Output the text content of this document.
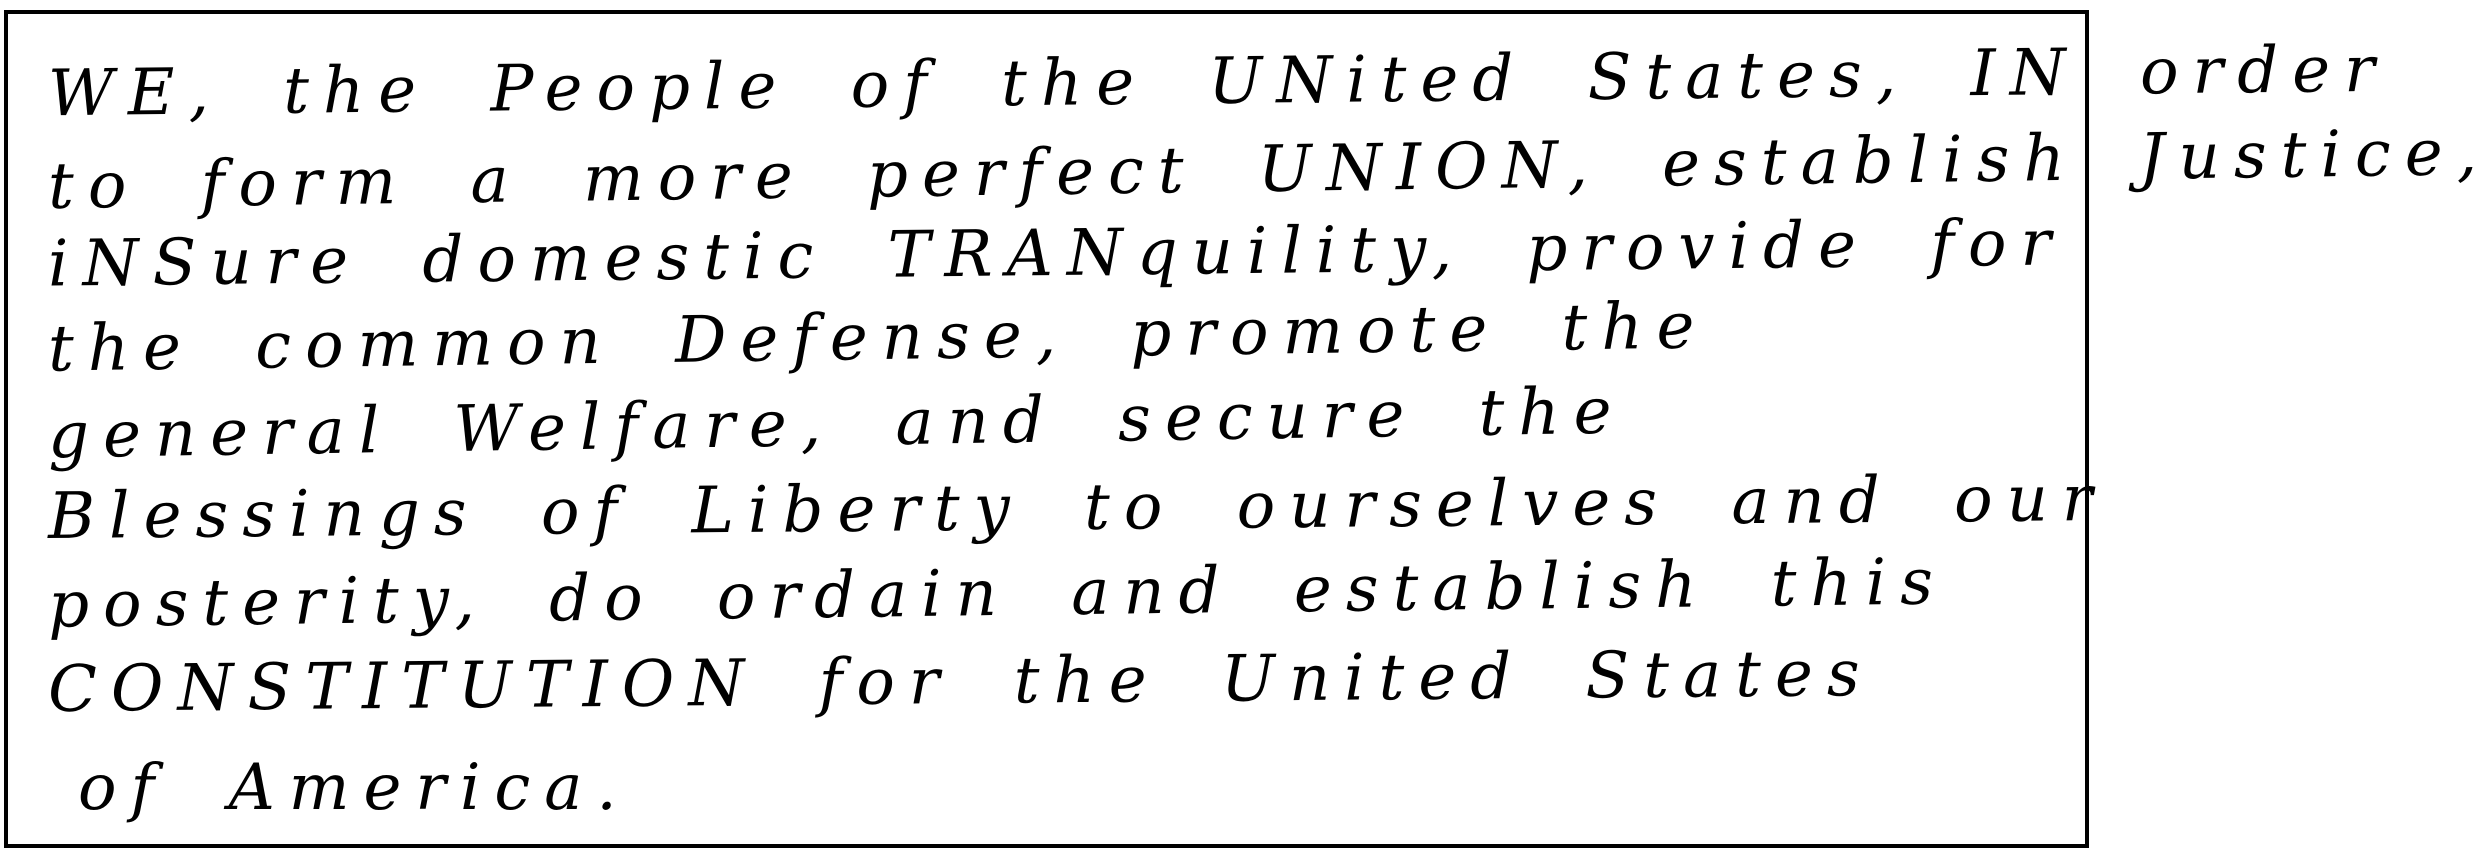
WE, the People of the UNited States, IN order
to form a more perfect UNION, establish Justice,
iNSure domestic TRANquility, provide for
the common Defense, promote the
general Welfare, and secure the
Blessings of Liberty to ourselves and our
posterity, do ordain and establish this
CONSTITUTION for the United States
of America.
